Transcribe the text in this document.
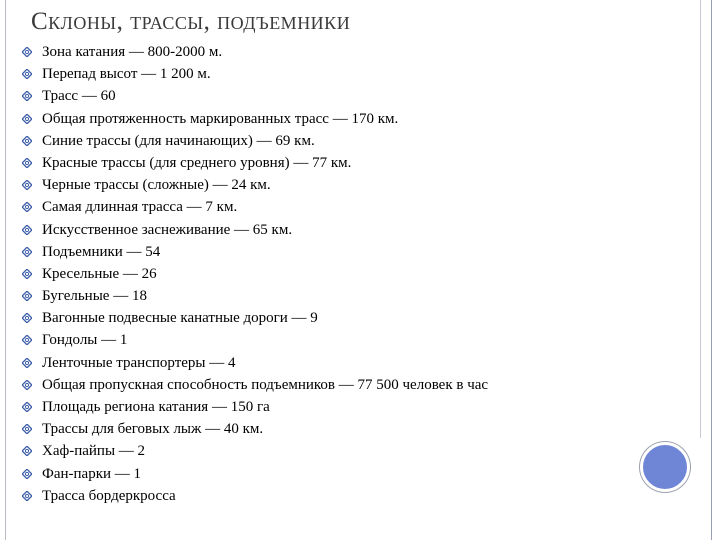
Склоны, трассы, подъемники
Зона катания — 800-2000 м.
Перепад высот — 1 200 м.
Трасс — 60
Общая протяженность маркированных трасс — 170 км.
Синие трассы (для начинающих) — 69 км.
Красные трассы (для среднего уровня) — 77 км.
Черные трассы (сложные) — 24 км.
Самая длинная трасса — 7 км.
Искусственное заснеживание — 65 км.
Подъемники — 54
Кресельные — 26
Бугельные — 18
Вагонные подвесные канатные дороги — 9
Гондолы — 1
Ленточные транспортеры — 4
Общая пропускная способность подъемников — 77 500 человек в час
Площадь региона катания — 150 га
Трассы для беговых лыж — 40 км.
Хаф-пайпы — 2
Фан-парки — 1
Трасса бордеркросса
